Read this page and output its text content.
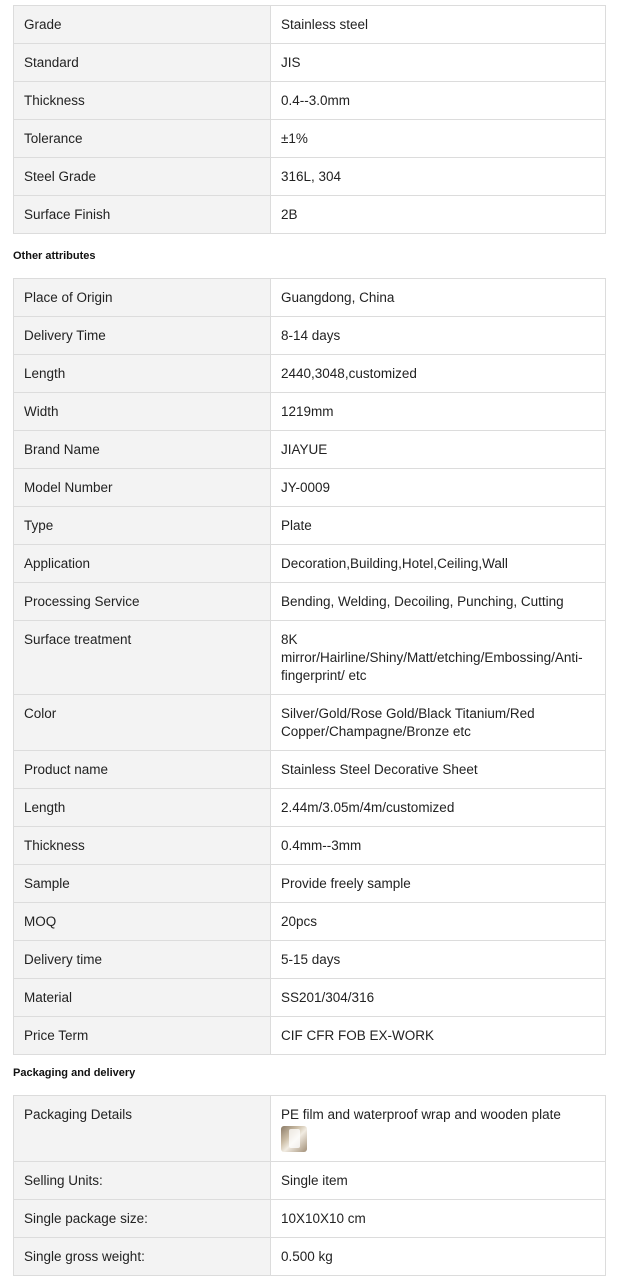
Grade	Stainless steel
Standard	JIS
Thickness	0.4--3.0mm
Tolerance	±1%
Steel Grade	316L, 304
Surface Finish	2B
Other attributes
Place of Origin	Guangdong, China
Delivery Time	8-14 days
Length	2440,3048,customized
Width	1219mm
Brand Name	JIAYUE
Model Number	JY-0009
Type	Plate
Application	Decoration,Building,Hotel,Ceiling,Wall
Processing Service	Bending, Welding, Decoiling, Punching, Cutting
Surface treatment	8K mirror/Hairline/Shiny/Matt/etching/Embossing/Anti-fingerprint/ etc
Color	Silver/Gold/Rose Gold/Black Titanium/Red Copper/Champagne/Bronze etc
Product name	Stainless Steel Decorative Sheet
Length	2.44m/3.05m/4m/customized
Thickness	0.4mm--3mm
Sample	Provide freely sample
MOQ	20pcs
Delivery time	5-15 days
Material	SS201/304/316
Price Term	CIF CFR FOB EX-WORK
Packaging and delivery
Packaging Details	PE film and waterproof wrap and wooden plate

Selling Units:	Single item
Single package size:	10X10X10 cm
Single gross weight:	0.500 kg
